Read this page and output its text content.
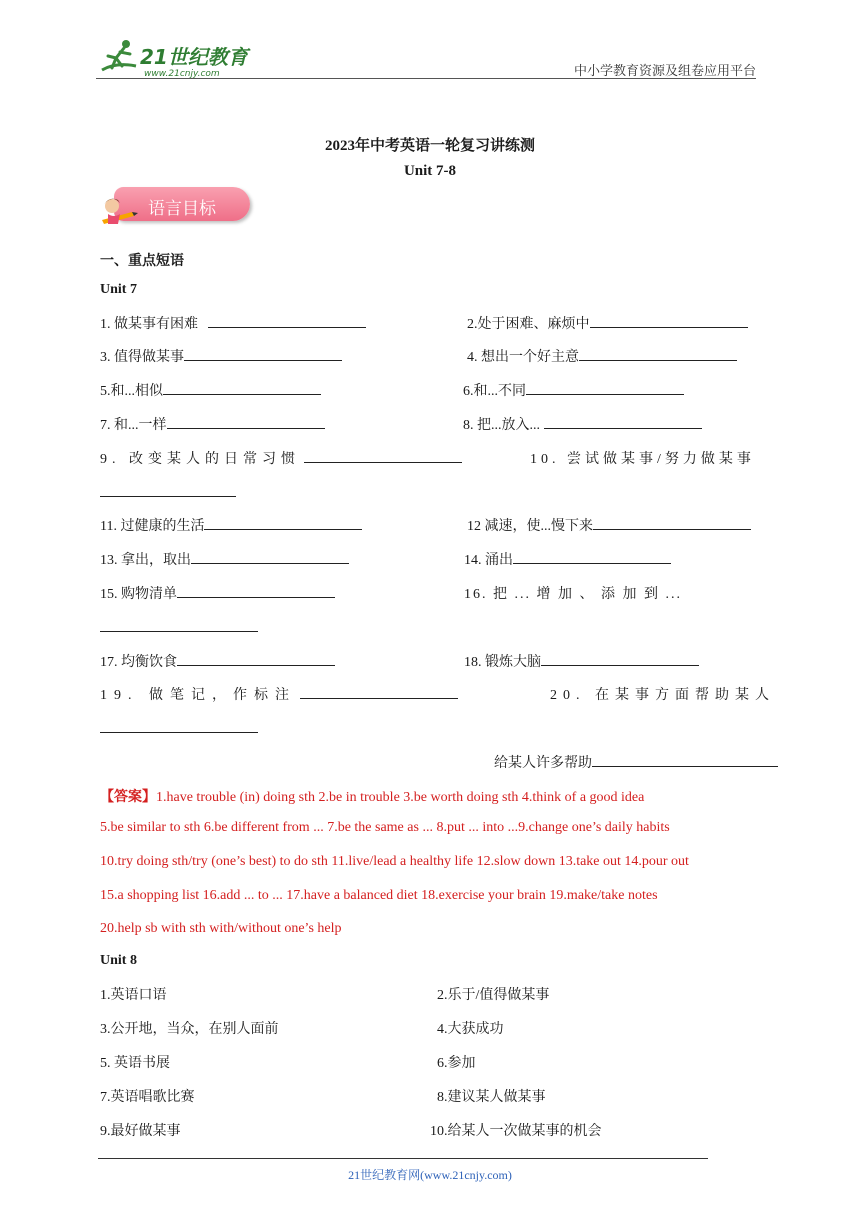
21世纪教育
www.21cnjy.com	中小学教育资源及组卷应用平台
2023年中考英语一轮复习讲练测
Unit 7-8
语言目标
一、重点短语
Unit 7
1. 做某事有困难	2.处于困难、麻烦中
3. 值得做某事	4. 想出一个好主意
5.和...相似	6.和...不同
7. 和...一样	8. 把...放入...
9. 改变某人的日常习惯	10. 尝试做某事/努力做某事
11. 过健康的生活	12 减速，使...慢下来
13. 拿出，取出	14. 涌出
15. 购物清单	16. 把 ... 增 加 、 添 加 到 ...
17. 均衡饮食	18. 锻炼大脑
19. 做笔记，作标注	20. 在某事方面帮助某人
给某人许多帮助
【答案】1.have trouble (in) doing sth 2.be in trouble 3.be worth doing sth 4.think of a good idea
5.be similar to sth 6.be different from ... 7.be the same as ... 8.put ... into ...9.change one’s daily habits
10.try doing sth/try (one’s best) to do sth 11.live/lead a healthy life 12.slow down 13.take out 14.pour out
15.a shopping list 16.add ... to ... 17.have a balanced diet 18.exercise your brain 19.make/take notes
20.help sb with sth with/without one’s help
Unit 8
1.英语口语	2.乐于/值得做某事
3.公开地，当众，在别人面前	4.大获成功
5. 英语书展	6.参加
7.英语唱歌比赛	8.建议某人做某事
9.最好做某事	10.给某人一次做某事的机会
21世纪教育网(www.21cnjy.com)
